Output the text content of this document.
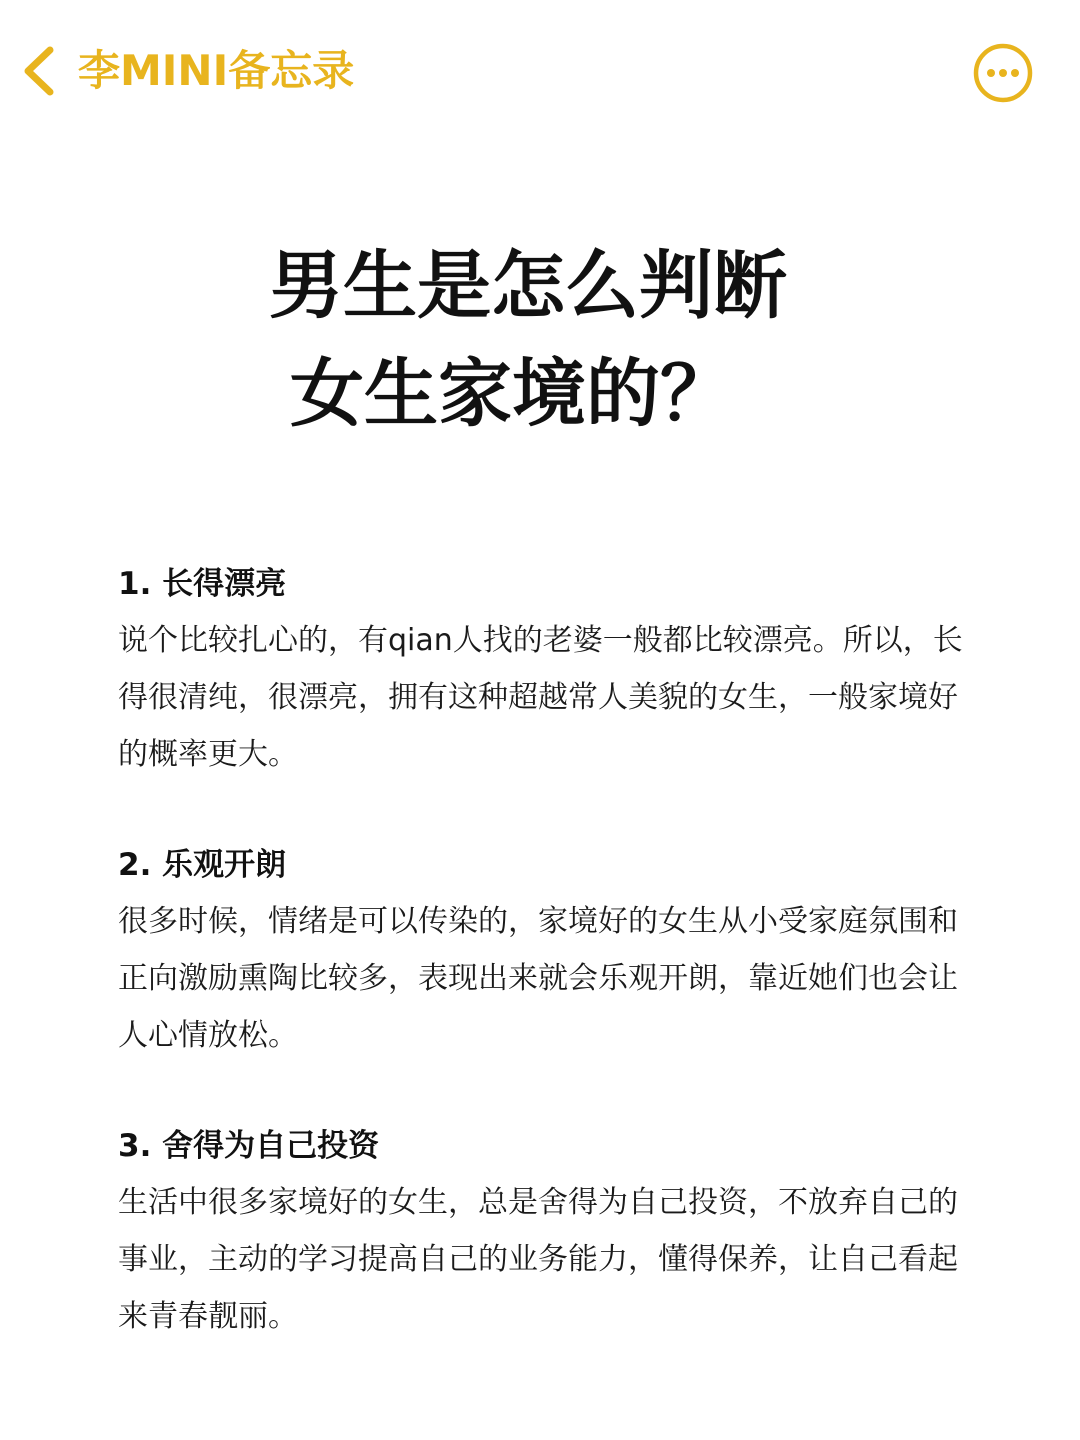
李MINI备忘录
男生是怎么判断
女生家境的？

1. 长得漂亮

说个比较扎心的，有qian人找的老婆一般都比较漂亮。所以，长得很清纯，很漂亮，拥有这种超越常人美貌的女生，一般家境好的概率更大。

2. 乐观开朗

很多时候，情绪是可以传染的，家境好的女生从小受家庭氛围和正向激励熏陶比较多，表现出来就会乐观开朗，靠近她们也会让人心情放松。

3. 舍得为自己投资

生活中很多家境好的女生，总是舍得为自己投资，不放弃自己的事业，主动的学习提高自己的业务能力，懂得保养，让自己看起来青春靓丽。
